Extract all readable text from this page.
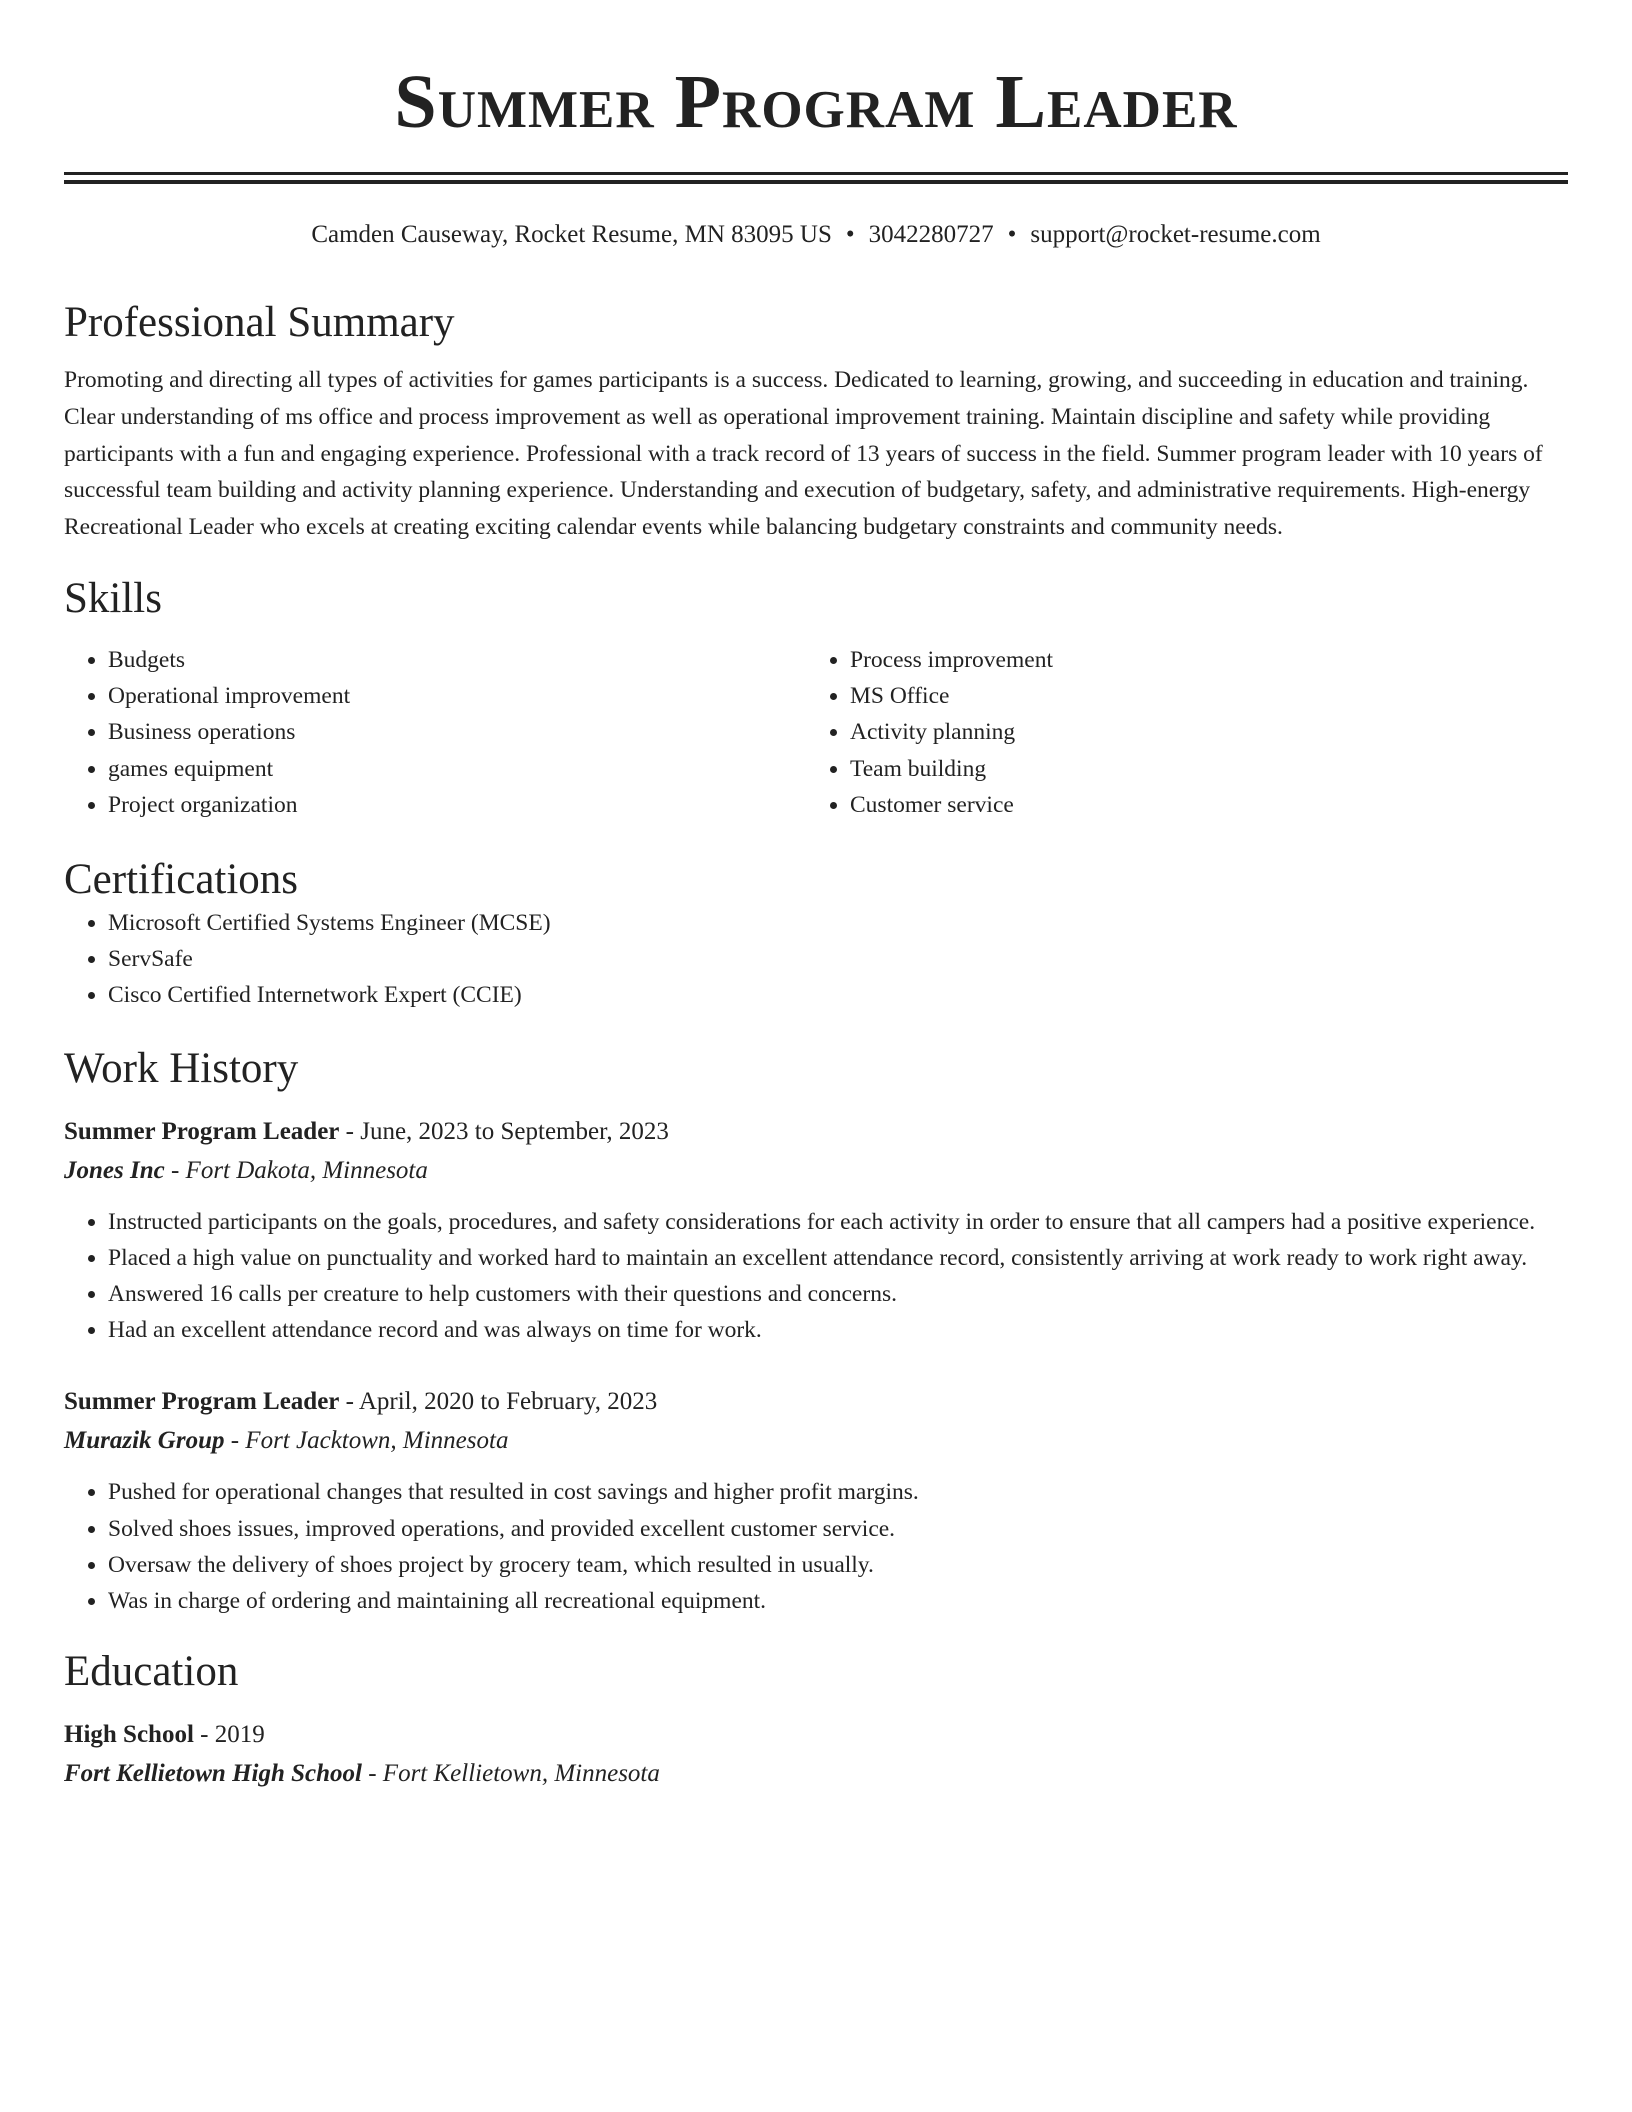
Summer Program Leader
Camden Causeway, Rocket Resume, MN 83095 US • 3042280727 • support@rocket-resume.com
Professional Summary

Promoting and directing all types of activities for games participants is a success. Dedicated to learning, growing, and succeeding in education and training. Clear understanding of ms office and process improvement as well as operational improvement training. Maintain discipline and safety while providing participants with a fun and engaging experience. Professional with a track record of 13 years of success in the field. Summer program leader with 10 years of successful team building and activity planning experience. Understanding and execution of budgetary, safety, and administrative requirements. High-energy Recreational Leader who excels at creating exciting calendar events while balancing budgetary constraints and community needs.

Skills
• Budgets
• Operational improvement
• Business operations
• games equipment
• Project organization
• Process improvement
• MS Office
• Activity planning
• Team building
• Customer service
Certifications
• Microsoft Certified Systems Engineer (MCSE)
• ServSafe
• Cisco Certified Internetwork Expert (CCIE)
Work History
Summer Program Leader - June, 2023 to September, 2023
Jones Inc - Fort Dakota, Minnesota
• Instructed participants on the goals, procedures, and safety considerations for each activity in order to ensure that all campers had a positive experience.
• Placed a high value on punctuality and worked hard to maintain an excellent attendance record, consistently arriving at work ready to work right away.
• Answered 16 calls per creature to help customers with their questions and concerns.
• Had an excellent attendance record and was always on time for work.
Summer Program Leader - April, 2020 to February, 2023
Murazik Group - Fort Jacktown, Minnesota
• Pushed for operational changes that resulted in cost savings and higher profit margins.
• Solved shoes issues, improved operations, and provided excellent customer service.
• Oversaw the delivery of shoes project by grocery team, which resulted in usually.
• Was in charge of ordering and maintaining all recreational equipment.
Education
High School - 2019
Fort Kellietown High School - Fort Kellietown, Minnesota
